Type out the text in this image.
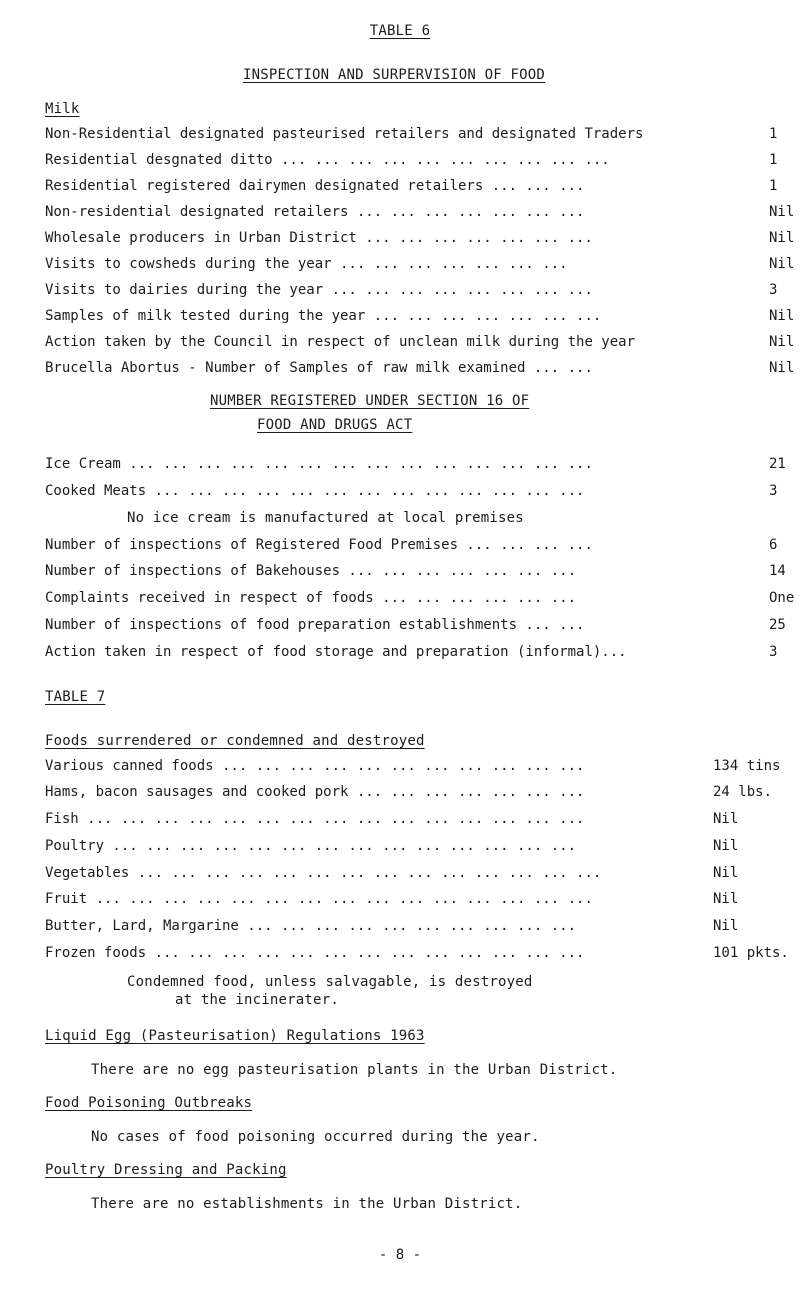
TABLE 6
INSPECTION AND SURPERVISION OF FOOD
Milk
Non-Residential designated pasteurised retailers and designated Traders	1
Residential desgnated ditto ... ... ... ... ... ... ... ... ... ...	1
Residential registered dairymen designated retailers ... ... ...	1
Non-residential designated retailers ... ... ... ... ... ... ...	Nil
Wholesale producers in Urban District ... ... ... ... ... ... ...	Nil
Visits to cowsheds during the year ... ... ... ... ... ... ...	Nil
Visits to dairies during the year ... ... ... ... ... ... ... ...	3
Samples of milk tested during the year ... ... ... ... ... ... ...	Nil
Action taken by the Council in respect of unclean milk during the year	Nil
Brucella Abortus - Number of Samples of raw milk examined ... ...	Nil
NUMBER REGISTERED UNDER SECTION 16 OF
FOOD AND DRUGS ACT
Ice Cream ... ... ... ... ... ... ... ... ... ... ... ... ... ...	21
Cooked Meats ... ... ... ... ... ... ... ... ... ... ... ... ...	3
No ice cream is manufactured at local premises
Number of inspections of Registered Food Premises ... ... ... ...	6
Number of inspections of Bakehouses ... ... ... ... ... ... ...	14
Complaints received in respect of foods ... ... ... ... ... ...	One
Number of inspections of food preparation establishments ... ...	25
Action taken in respect of food storage and preparation (informal)...	3
TABLE 7
Foods surrendered or condemned and destroyed
Various canned foods ... ... ... ... ... ... ... ... ... ... ...	134 tins
Hams, bacon sausages and cooked pork ... ... ... ... ... ... ...	24 lbs.
Fish ... ... ... ... ... ... ... ... ... ... ... ... ... ... ...	Nil
Poultry ... ... ... ... ... ... ... ... ... ... ... ... ... ...	Nil
Vegetables ... ... ... ... ... ... ... ... ... ... ... ... ... ...	Nil
Fruit ... ... ... ... ... ... ... ... ... ... ... ... ... ... ...	Nil
Butter, Lard, Margarine ... ... ... ... ... ... ... ... ... ...	Nil
Frozen foods ... ... ... ... ... ... ... ... ... ... ... ... ...	101 pkts.
Condemned food, unless salvagable, is destroyed
at the incinerater.
Liquid Egg (Pasteurisation) Regulations 1963
There are no egg pasteurisation plants in the Urban District.
Food Poisoning Outbreaks
No cases of food poisoning occurred during the year.
Poultry Dressing and Packing
There are no establishments in the Urban District.
- 8 -
